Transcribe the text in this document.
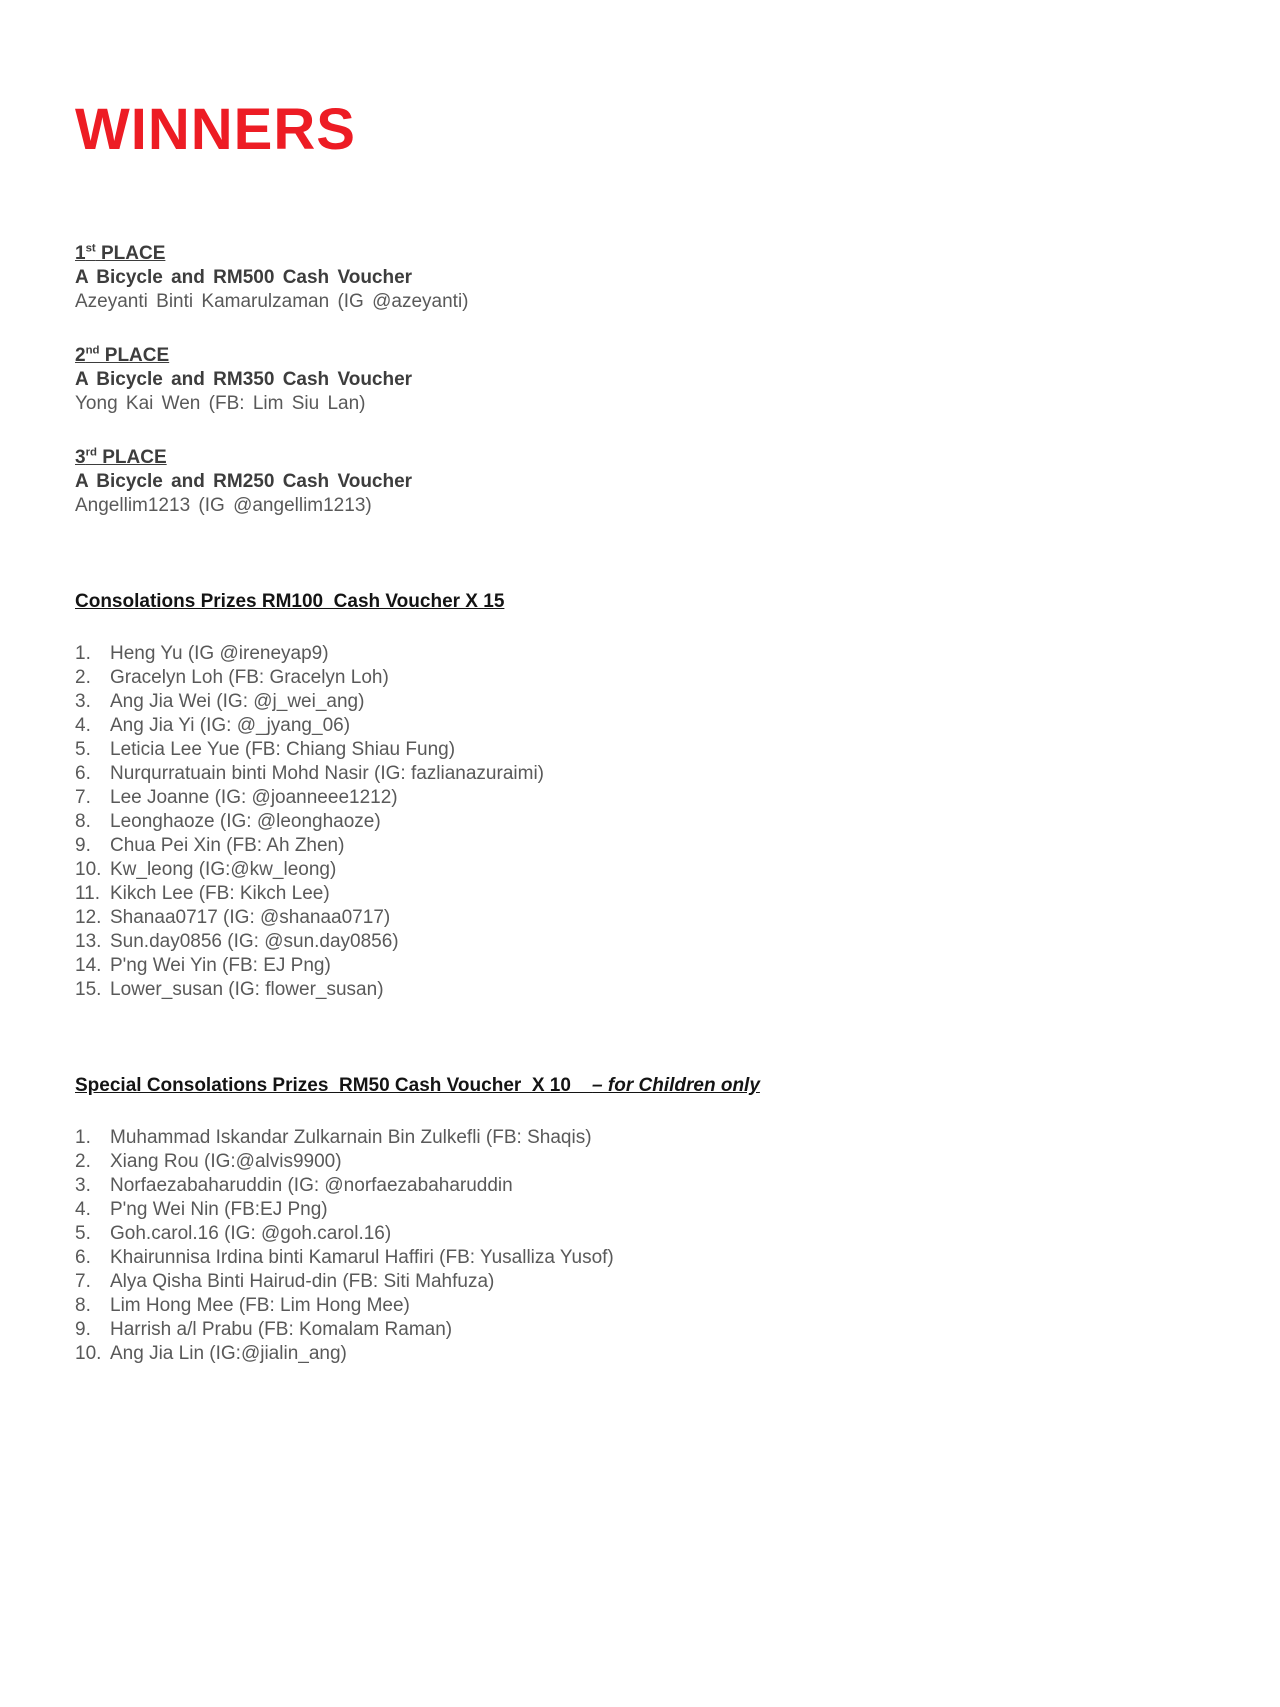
WINNERS

1st PLACE

A Bicycle and RM500 Cash Voucher

Azeyanti Binti Kamarulzaman (IG @azeyanti)

2nd PLACE

A Bicycle and RM350 Cash Voucher

Yong Kai Wen (FB: Lim Siu Lan)

3rd PLACE

A Bicycle and RM250 Cash Voucher

Angellim1213 (IG @angellim1213)

Consolations Prizes RM100  Cash Voucher X 15
Heng Yu (IG @ireneyap9)
Gracelyn Loh (FB: Gracelyn Loh)
Ang Jia Wei (IG: @j_wei_ang)
Ang Jia Yi (IG: @_jyang_06)
Leticia Lee Yue (FB: Chiang Shiau Fung)
Nurqurratuain binti Mohd Nasir (IG: fazlianazuraimi)
Lee Joanne (IG: @joanneee1212)
Leonghaoze (IG: @leonghaoze)
Chua Pei Xin (FB: Ah Zhen)
Kw_leong (IG:@kw_leong)
Kikch Lee (FB: Kikch Lee)
Shanaa0717 (IG: @shanaa0717)
Sun.day0856 (IG: @sun.day0856)
P'ng Wei Yin (FB: EJ Png)
Lower_susan (IG: flower_susan)
Special Consolations Prizes  RM50 Cash Voucher  X 10    – for Children only
Muhammad Iskandar Zulkarnain Bin Zulkefli (FB: Shaqis)
Xiang Rou (IG:@alvis9900)
Norfaezabaharuddin (IG: @norfaezabaharuddin
P'ng Wei Nin (FB:EJ Png)
Goh.carol.16 (IG: @goh.carol.16)
Khairunnisa Irdina binti Kamarul Haffiri (FB: Yusalliza Yusof)
Alya Qisha Binti Hairud-din (FB: Siti Mahfuza)
Lim Hong Mee (FB: Lim Hong Mee)
Harrish a/l Prabu (FB: Komalam Raman)
Ang Jia Lin (IG:@jialin_ang)
